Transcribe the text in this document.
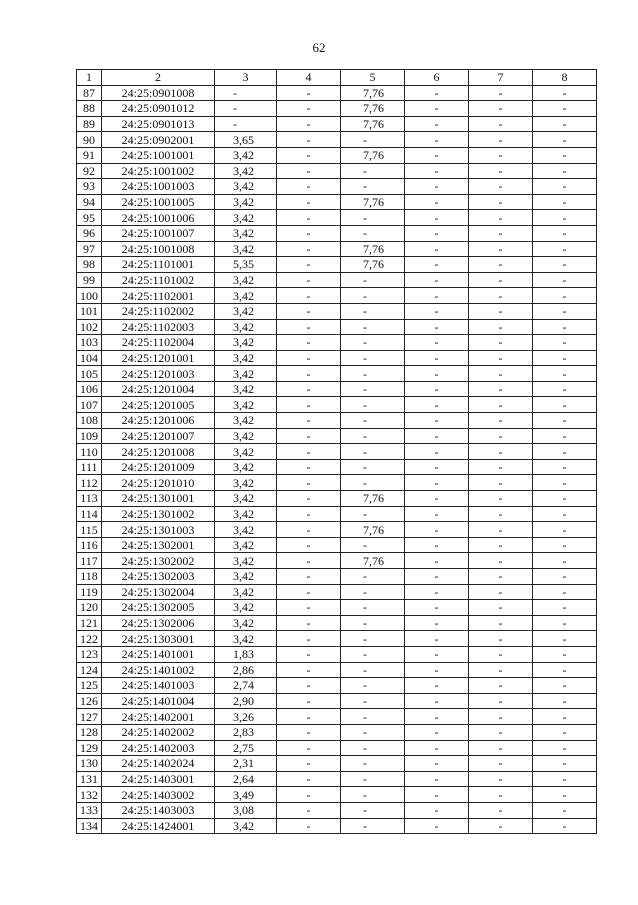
62
1	2	3	4	5	6	7	8
87	24:25:0901008	-	-	7,76	-	-	-
88	24:25:0901012	-	-	7,76	-	-	-
89	24:25:0901013	-	-	7,76	-	-	-
90	24:25:0902001	3,65	-	-	-	-	-
91	24:25:1001001	3,42	-	7,76	-	-	-
92	24:25:1001002	3,42	-	-	-	-	-
93	24:25:1001003	3,42	-	-	-	-	-
94	24:25:1001005	3,42	-	7,76	-	-	-
95	24:25:1001006	3,42	-	-	-	-	-
96	24:25:1001007	3,42	-	-	-	-	-
97	24:25:1001008	3,42	-	7,76	-	-	-
98	24:25:1101001	5,35	-	7,76	-	-	-
99	24:25:1101002	3,42	-	-	-	-	-
100	24:25:1102001	3,42	-	-	-	-	-
101	24:25:1102002	3,42	-	-	-	-	-
102	24:25:1102003	3,42	-	-	-	-	-
103	24:25:1102004	3,42	-	-	-	-	-
104	24:25:1201001	3,42	-	-	-	-	-
105	24:25:1201003	3,42	-	-	-	-	-
106	24:25:1201004	3,42	-	-	-	-	-
107	24:25:1201005	3,42	-	-	-	-	-
108	24:25:1201006	3,42	-	-	-	-	-
109	24:25:1201007	3,42	-	-	-	-	-
110	24:25:1201008	3,42	-	-	-	-	-
111	24:25:1201009	3,42	-	-	-	-	-
112	24:25:1201010	3,42	-	-	-	-	-
113	24:25:1301001	3,42	-	7,76	-	-	-
114	24:25:1301002	3,42	-	-	-	-	-
115	24:25:1301003	3,42	-	7,76	-	-	-
116	24:25:1302001	3,42	-	-	-	-	-
117	24:25:1302002	3,42	-	7,76	-	-	-
118	24:25:1302003	3,42	-	-	-	-	-
119	24:25:1302004	3,42	-	-	-	-	-
120	24:25:1302005	3,42	-	-	-	-	-
121	24:25:1302006	3,42	-	-	-	-	-
122	24:25:1303001	3,42	-	-	-	-	-
123	24:25:1401001	1,83	-	-	-	-	-
124	24:25:1401002	2,86	-	-	-	-	-
125	24:25:1401003	2,74	-	-	-	-	-
126	24:25:1401004	2,90	-	-	-	-	-
127	24:25:1402001	3,26	-	-	-	-	-
128	24:25:1402002	2,83	-	-	-	-	-
129	24:25:1402003	2,75	-	-	-	-	-
130	24:25:1402024	2,31	-	-	-	-	-
131	24:25:1403001	2,64	-	-	-	-	-
132	24:25:1403002	3,49	-	-	-	-	-
133	24:25:1403003	3,08	-	-	-	-	-
134	24:25:1424001	3,42	-	-	-	-	-
